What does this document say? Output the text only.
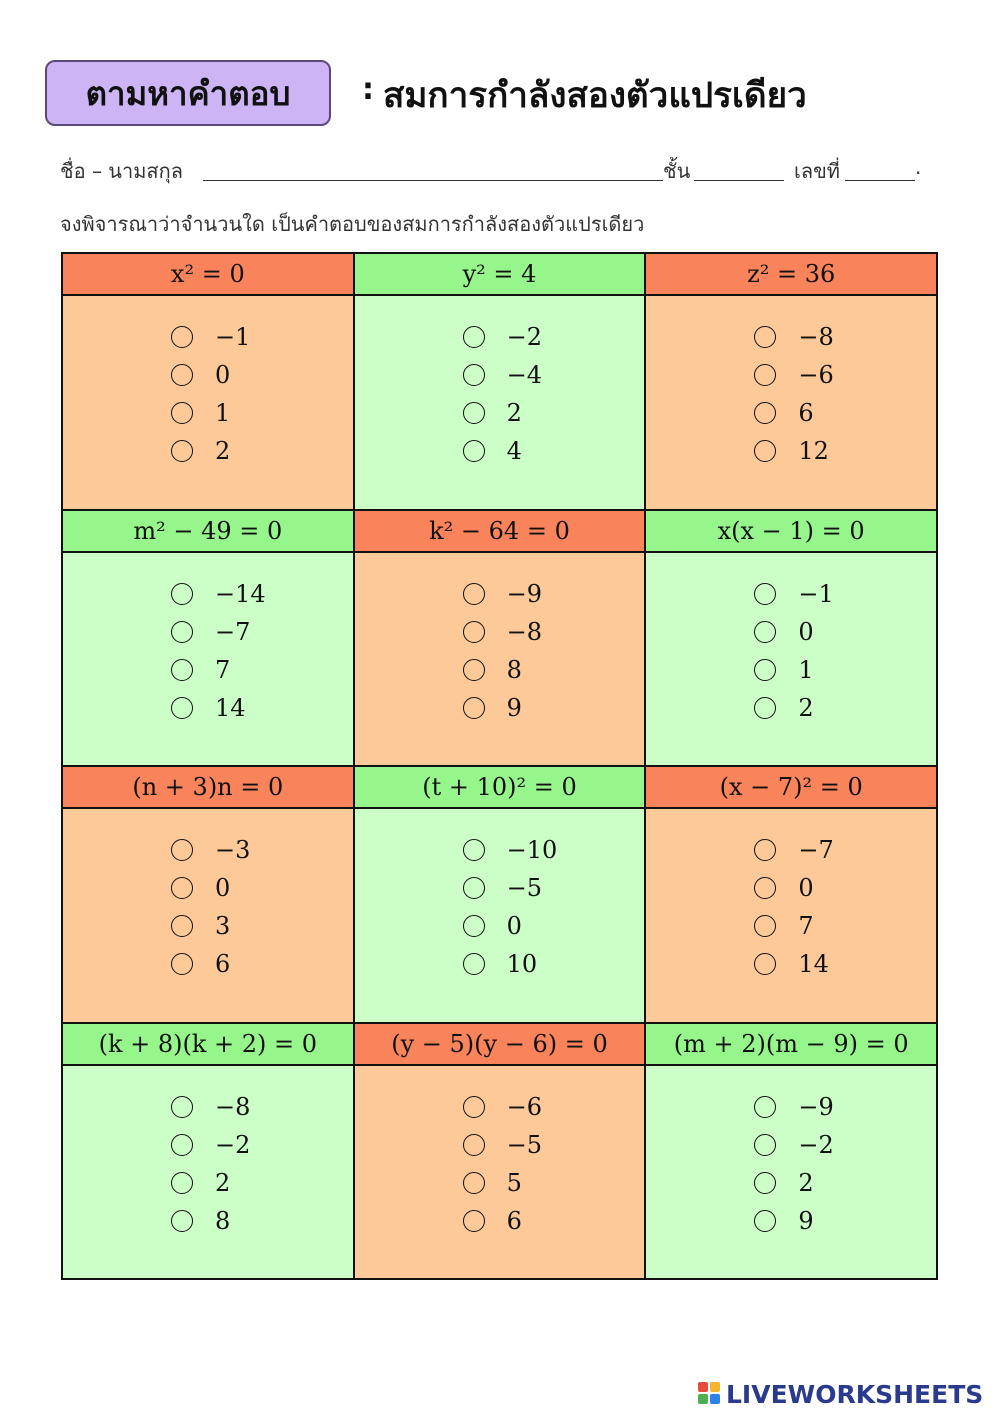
ตามหาคำตอบ : สมการกำลังสองตัวแปรเดียว
ชื่อ – นามสกุล	ชั้น	เลขที่	.
จงพิจารณาว่าจำนวนใด เป็นคำตอบของสมการกำลังสองตัวแปรเดียว
x² = 0
−1
0
1
2
y² = 4
−2
−4
2
4
z² = 36
−8
−6
6
12
m² − 49 = 0
−14
−7
7
14
k² − 64 = 0
−9
−8
8
9
x(x − 1) = 0
−1
0
1
2
(n + 3)n = 0
−3
0
3
6
(t + 10)² = 0
−10
−5
0
10
(x − 7)² = 0
−7
0
7
14
(k + 8)(k + 2) = 0
−8
−2
2
8
(y − 5)(y − 6) = 0
−6
−5
5
6
(m + 2)(m − 9) = 0
−9
−2
2
9
LIVEWORKSHEETS
